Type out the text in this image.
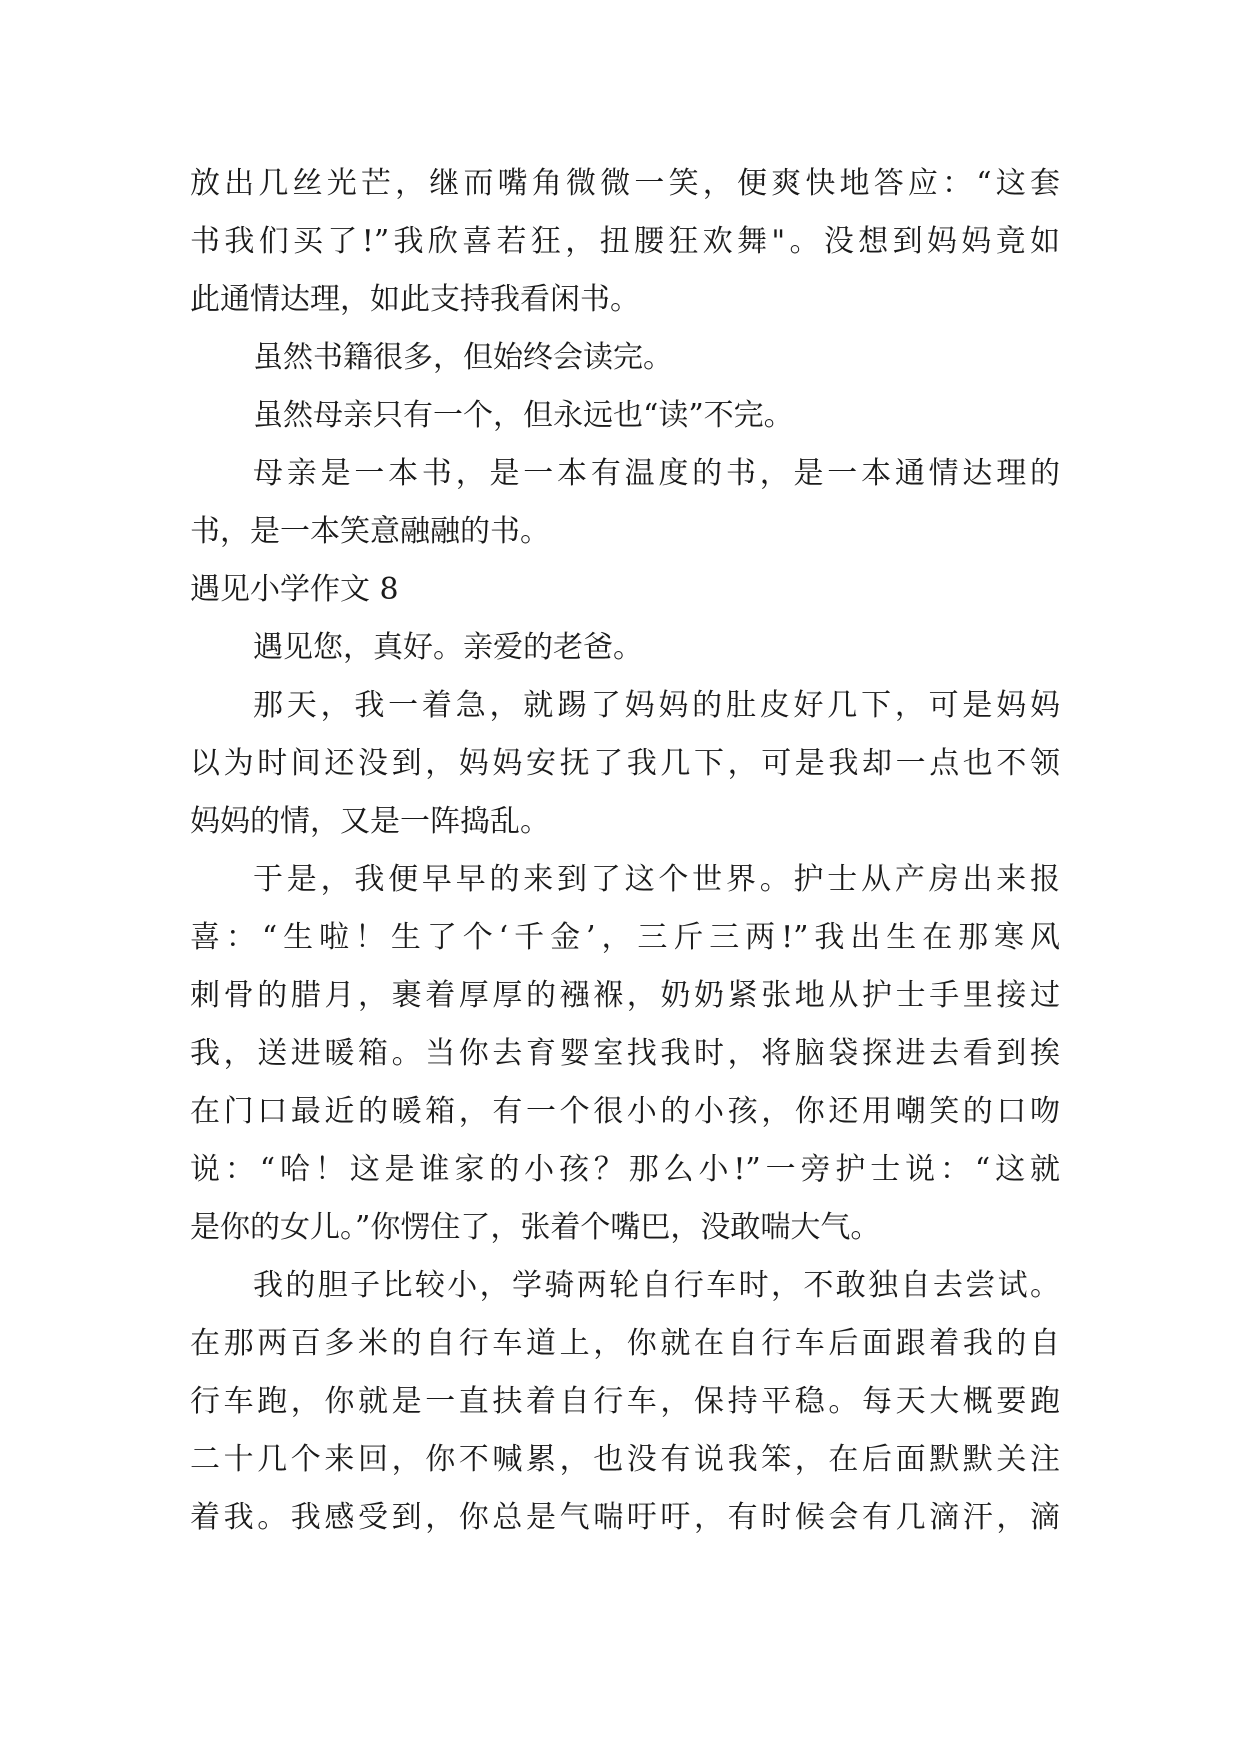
放出几丝光芒，继而嘴角微微一笑，便爽快地答应：“这套
书我们买了!”我欣喜若狂，扭腰狂欢舞"。没想到妈妈竟如
此通情达理，如此支持我看闲书。
虽然书籍很多，但始终会读完。
虽然母亲只有一个，但永远也“读”不完。
母亲是一本书，是一本有温度的书，是一本通情达理的
书，是一本笑意融融的书。
遇见小学作文 8
遇见您，真好。亲爱的老爸。
那天，我一着急，就踢了妈妈的肚皮好几下，可是妈妈
以为时间还没到，妈妈安抚了我几下，可是我却一点也不领
妈妈的情，又是一阵捣乱。
于是，我便早早的来到了这个世界。护士从产房出来报
喜：“生啦！生了个‘千金’，三斤三两!”我出生在那寒风
刺骨的腊月，裹着厚厚的襁褓，奶奶紧张地从护士手里接过
我，送进暖箱。当你去育婴室找我时，将脑袋探进去看到挨
在门口最近的暖箱，有一个很小的小孩，你还用嘲笑的口吻
说：“哈！这是谁家的小孩？那么小!”一旁护士说：“这就
是你的女儿。”你愣住了，张着个嘴巴，没敢喘大气。
我的胆子比较小，学骑两轮自行车时，不敢独自去尝试。
在那两百多米的自行车道上，你就在自行车后面跟着我的自
行车跑，你就是一直扶着自行车，保持平稳。每天大概要跑
二十几个来回，你不喊累，也没有说我笨，在后面默默关注
着我。我感受到，你总是气喘吁吁，有时候会有几滴汗，滴
